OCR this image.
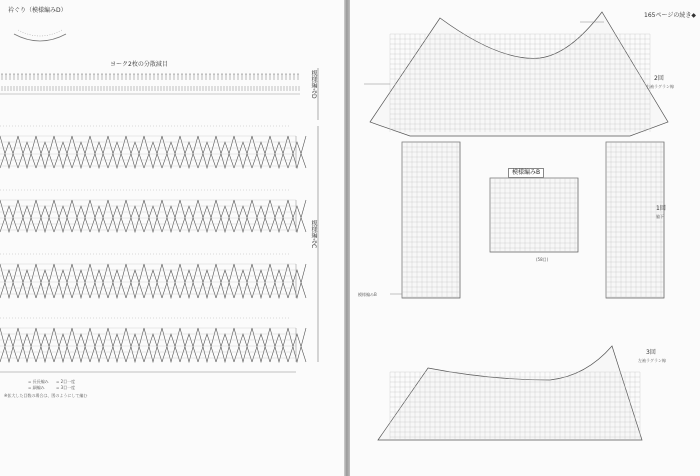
衿ぐり（模様編みD）
ヨーク2枚の分散減目
模様編みD
模様編みC
= 長長編み
= 細編み
= 2目一度
= 3目一度
※拡大した目数の場合は、図のようにして編む
165ページの続き◆
2回
右袖ラグラン線
1回
脇下
3回
左袖ラグラン線
模様編みB
(58目)
模様編みB
